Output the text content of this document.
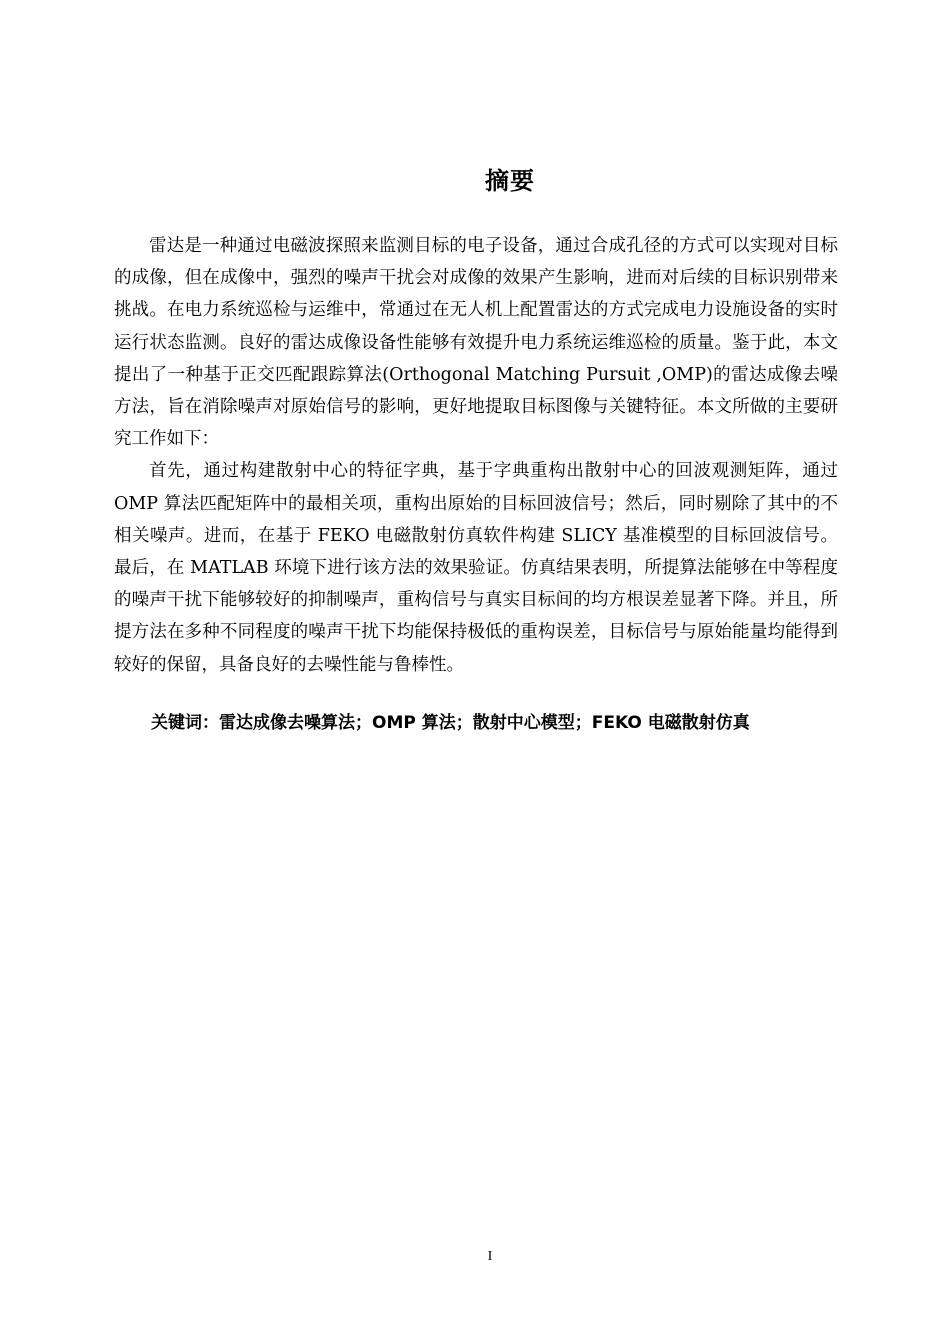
摘要

雷达是一种通过电磁波探照来监测目标的电子设备，通过合成孔径的方式可以实现对目标的成像，但在成像中，强烈的噪声干扰会对成像的效果产生影响，进而对后续的目标识别带来挑战。在电力系统巡检与运维中，常通过在无人机上配置雷达的方式完成电力设施设备的实时运行状态监测。良好的雷达成像设备性能够有效提升电力系统运维巡检的质量。鉴于此，本文提出了一种基于正交匹配跟踪算法(Orthogonal Matching Pursuit ,OMP)的雷达成像去噪方法，旨在消除噪声对原始信号的影响，更好地提取目标图像与关键特征。本文所做的主要研究工作如下：

首先，通过构建散射中心的特征字典，基于字典重构出散射中心的回波观测矩阵，通过 OMP 算法匹配矩阵中的最相关项，重构出原始的目标回波信号；然后，同时剔除了其中的不相关噪声。进而，在基于 FEKO 电磁散射仿真软件构建 SLICY 基准模型的目标回波信号。最后，在 MATLAB 环境下进行该方法的效果验证。仿真结果表明，所提算法能够在中等程度的噪声干扰下能够较好的抑制噪声，重构信号与真实目标间的均方根误差显著下降。并且，所提方法在多种不同程度的噪声干扰下均能保持极低的重构误差，目标信号与原始能量均能得到较好的保留，具备良好的去噪性能与鲁棒性。

关键词：雷达成像去噪算法；OMP 算法；散射中心模型；FEKO 电磁散射仿真
I
